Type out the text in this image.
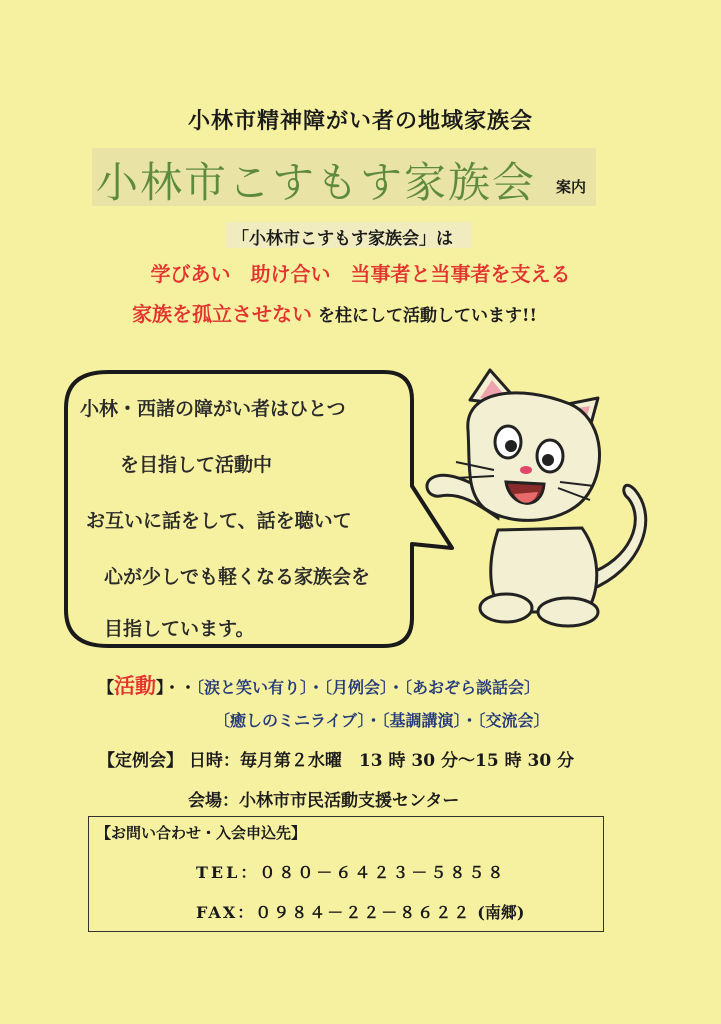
小林市精神障がい者の地域家族会
小林市こすもす家族会 案内
「小林市こすもす家族会」は
学びあい　助け合い　当事者と当事者を支える
家族を孤立させない を柱にして活動しています!!
小林・西諸の障がい者はひとつ
を目指して活動中
お互いに話をして、話を聴いて
心が少しでも軽くなる家族会を
目指しています。
【活動】・・〔涙と笑い有り〕・〔月例会〕・〔あおぞら談話会〕
〔癒しのミニライブ〕・〔基調講演〕・〔交流会〕
【定例会】 日時：毎月第２水曜　13 時 30 分～15 時 30 分
会場：小林市市民活動支援センター
【お問い合わせ・入会申込先】
TEL：０８０－６４２３－５８５８
FAX：０９８４－２２－８６２２ (南郷)
